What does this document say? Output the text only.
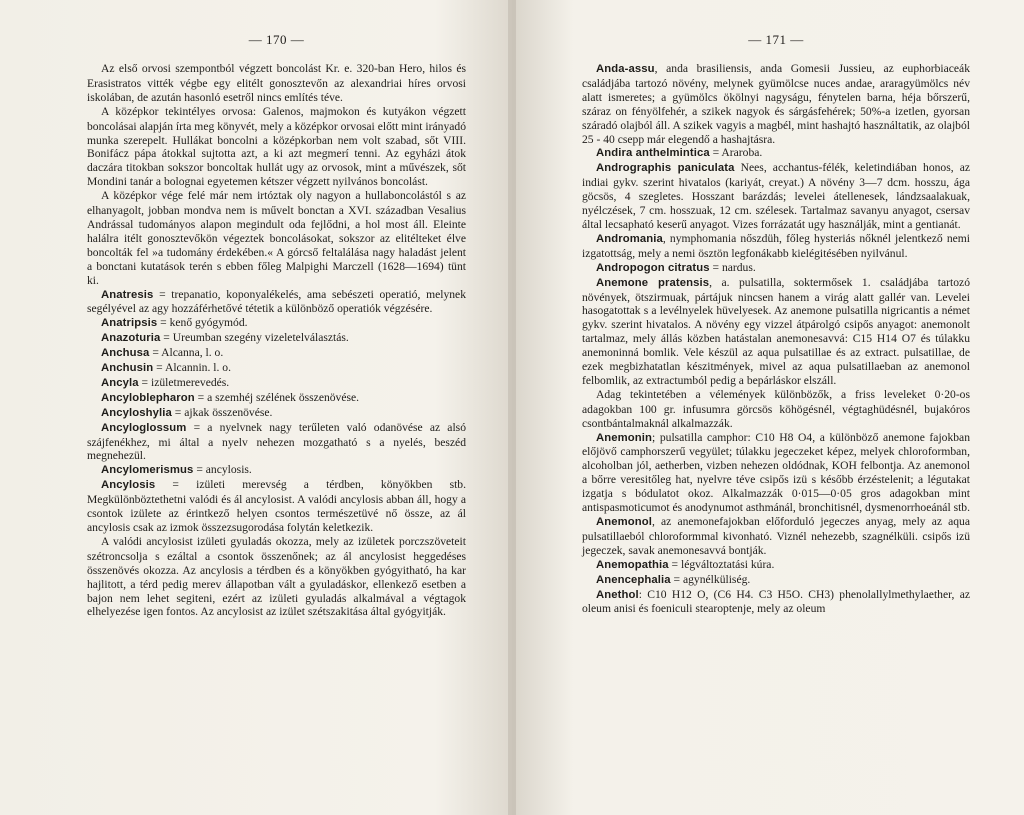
— 170 —

Az első orvosi szempontból végzett boncolást Kr. e. 320-ban Hero, hilos és Erasistratos vitték végbe egy elitélt gonosztevőn az alexandriai híres orvosi iskolában, de azután hasonló esetről nincs említés téve.

A középkor tekintélyes orvosa: Galenos, majmokon és kutyákon végzett boncolásai alapján írta meg könyvét, mely a középkor orvosai előtt mint irányadó munka szerepelt. Hullákat boncolni a középkorban nem volt szabad, sőt VIII. Bonifácz pápa átokkal sujtotta azt, a ki azt megmerí tenni. Az egyházi átok daczára titokban sokszor boncoltak hullát ugy az orvosok, mint a művészek, sőt Mondini tanár a bolognai egyetemen kétszer végzett nyilvános boncolást.

A középkor vége felé már nem irtóztak oly nagyon a hullaboncolástól s az elhanyagolt, jobban mondva nem is művelt bonctan a XVI. században Vesalius Andrással tudományos alapon megindult oda fejlődni, a hol most áll. Eleinte halálra itélt gonosztevőkön végeztek boncolásokat, sokszor az elitélteket élve boncolták fel »a tudomány érdekében.« A górcső feltalálása nagy haladást jelent a bonctani kutatások terén s ebben főleg Malpighi Marczell (1628—1694) tünt ki.

Anatresis = trepanatio, koponyalékelés, ama sebészeti operatió, melynek segélyével az agy hozzáférhetővé tétetik a különböző operatiók végzésére.

Anatripsis = kenő gyógymód.

Anazoturia = Ureumban szegény vizeletelválasztás.

Anchusa = Alcanna, l. o.

Anchusin = Alcannin. l. o.

Ancyla = izületmerevedés.

Ancyloblepharon = a szemhéj szélének összenövése.

Ancyloshylia = ajkak összenövése.

Ancyloglossum = a nyelvnek nagy terűleten való odanövése az alsó szájfenékhez, mi által a nyelv nehezen mozgatható s a nyelés, beszéd megnehezül.

Ancylomerismus = ancylosis.

Ancylosis = izületi merevség a térdben, könyökben stb. Megkülönböztethetni valódi és ál ancylosist. A valódi ancylosis abban áll, hogy a csontok izülete az érintkező helyen csontos természetüvé nő össze, az ál ancylosis csak az izmok összezsugorodása folytán keletkezik.

A valódi ancylosist izületi gyuladás okozza, mely az izületek porczszöveteit szétroncsolja s ezáltal a csontok összenőnek; az ál ancylosist heggedéses összenövés okozza. Az ancylosis a térdben és a könyökben gyógyitható, ha kar hajlitott, a térd pedig merev állapotban vált a gyuladáskor, ellenkező esetben a bajon nem lehet segiteni, ezért az izületi gyuladás alkalmával a végtagok elhelyezése igen fontos. Az ancylosist az izület szétszakitása által gyógyitják.

— 171 —

Anda-assu, anda brasiliensis, anda Gomesii Jussieu, az euphorbiaceák családjába tartozó növény, melynek gyümölcse nuces andae, araragyümölcs név alatt ismeretes; a gyümölcs ökölnyi nagyságu, fénytelen barna, héja bőrszerű, száraz on fényölfehér, a szikek nagyok és sárgásfehérek; 50%-a izetlen, gyorsan száradó olajból áll. A szikek vagyis a magbél, mint hashajtó használtatik, az olajból 25 - 40 csepp már elegendő a hashajtásra.

Andira anthelmintica = Araroba.

Andrographis paniculata Nees, acchantus-félék, keletindiában honos, az indiai gykv. szerint hivatalos (kariyát, creyat.) A növény 3—7 dcm. hosszu, ága göcsös, 4 szegletes. Hosszant barázdás; levelei átellenesek, lándzsaalakuak, nyélczések, 7 cm. hosszuak, 12 cm. szélesek. Tartalmaz savanyu anyagot, csersav által lecsapható keserű anyagot. Vizes forrázatát ugy használják, mint a gentianát.

Andromania, nymphomania nőszdüh, főleg hysteriás nőknél jelentkező nemi izgatottság, mely a nemi ösztön legfonákabb kielégitésében nyilvánul.

Andropogon citratus = nardus.

Anemone pratensis, a. pulsatilla, soktermősek 1. családjába tartozó növények, ötszirmuak, pártájuk nincsen hanem a virág alatt gallér van. Levelei hasogatottak s a levélnyelek hüvelyesek. Az anemone pulsatilla nigricantis a német gykv. szerint hivatalos. A növény egy vizzel átpárolgó csipős anyagot: anemonolt tartalmaz, mely állás közben hatástalan anemonesavvá: C15 H14 O7 és túlakku anemoninná bomlik. Vele készül az aqua pulsatillae és az extract. pulsatillae, de ezek megbizhatatlan készitmények, mivel az aqua pulsatillaeban az anemonol felbomlik, az extractumból pedig a bepárláskor elszáll.

Adag tekintetében a vélemények különbözők, a friss leveleket 0·20-os adagokban 100 gr. infusumra görcsös köhögésnél, végtaghüdésnél, bujakóros csontbántalmaknál alkalmazzák.

Anemonin; pulsatilla camphor: C10 H8 O4, a különböző anemone fajokban előjövő camphorszerű vegyület; túlakku jegeczeket képez, melyek chloroformban, alcoholban jól, aetherben, vizben nehezen oldódnak, KOH felbontja. Az anemonol a bőrre veresitőleg hat, nyelvre téve csipős izü s később érzéstelenit; a légutakat izgatja s bódulatot okoz. Alkalmazzák 0·015—0·05 gros adagokban mint antispasmoticumot és anodynumot asthmánál, bronchitisnél, dysmenorrhoeánál stb.

Anemonol, az anemonefajokban előforduló jegeczes anyag, mely az aqua pulsatillaeból chloroformmal kivonható. Viznél nehezebb, szagnélküli. csipős izü jegeczek, savak anemonesavvá bontják.

Anemopathia = légváltoztatási kúra.

Anencephalia = agynélküliség.

Anethol: C10 H12 O, (C6 H4. C3 H5O. CH3) phenolallylmethylaether, az oleum anisi és foeniculi stearoptenje, mely az oleum
